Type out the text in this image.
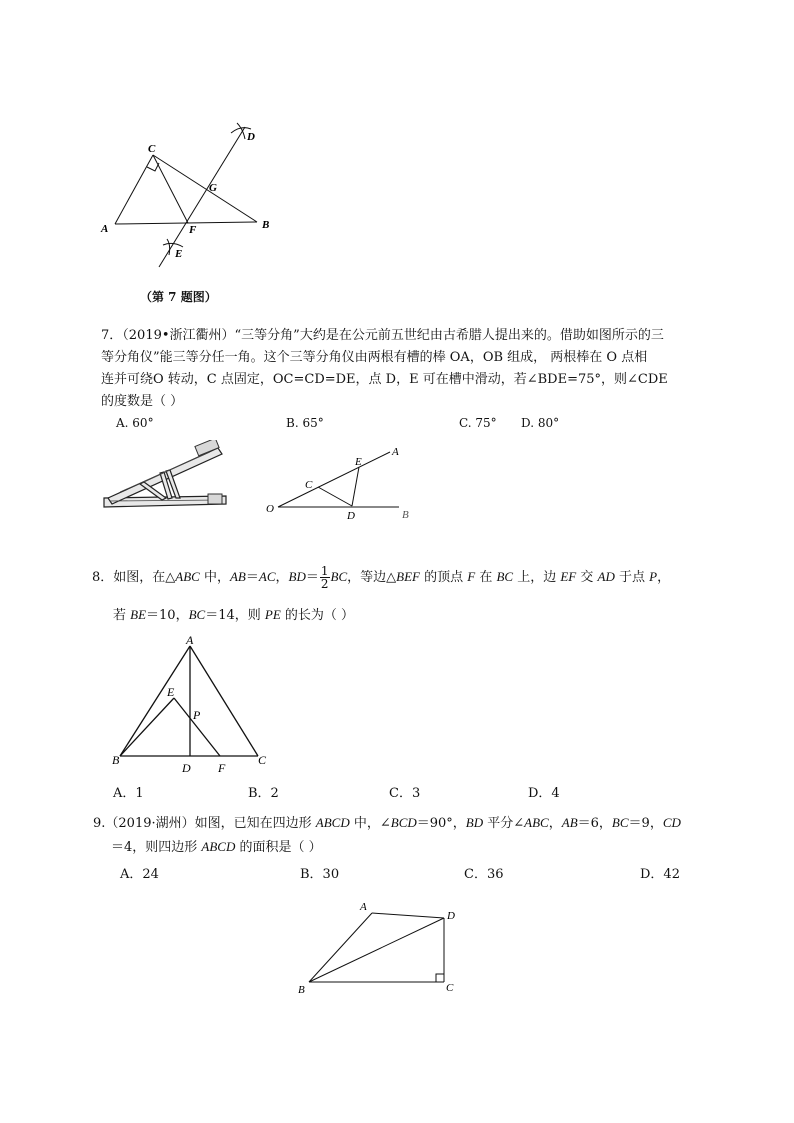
C
D
G
A	F	B
E
（第 7 题图）
7．（2019•浙江衢州）“三等分角”大约是在公元前五世纪由古希腊人提出来的。借助如图所示的三
等分角仪”能三等分任一角。这个三等分角仪由两根有槽的棒 OA，OB 组成， 两根棒在 O 点相
连并可绕O 转动，C 点固定，OC=CD=DE，点 D，E 可在槽中滑动，若∠BDE=75°，则∠CDE
的度数是（ ）
A. 60°	B. 65°	C. 75° D. 80°
O
C
E
A
D	B
8．如图，在△ABC 中，AB＝AC，$BD= \frac{1}{2}$ BC，等边△BEF 的顶点 F 在 BC 上，边 EF 交 AD 于点 P，
若 BE＝10，BC＝14，则 PE 的长为（ ）
A
E
P
B
D F
C
A．1	B．2	C．3	D．4
9.（2019·湖州）如图，已知在四边形 ABCD 中，∠BCD＝90°，BD 平分∠ABC，AB＝6，BC＝9，CD
＝4，则四边形 ABCD 的面积是（ ）
A．24	B．30	C．36	D．42
A
D
B	C
